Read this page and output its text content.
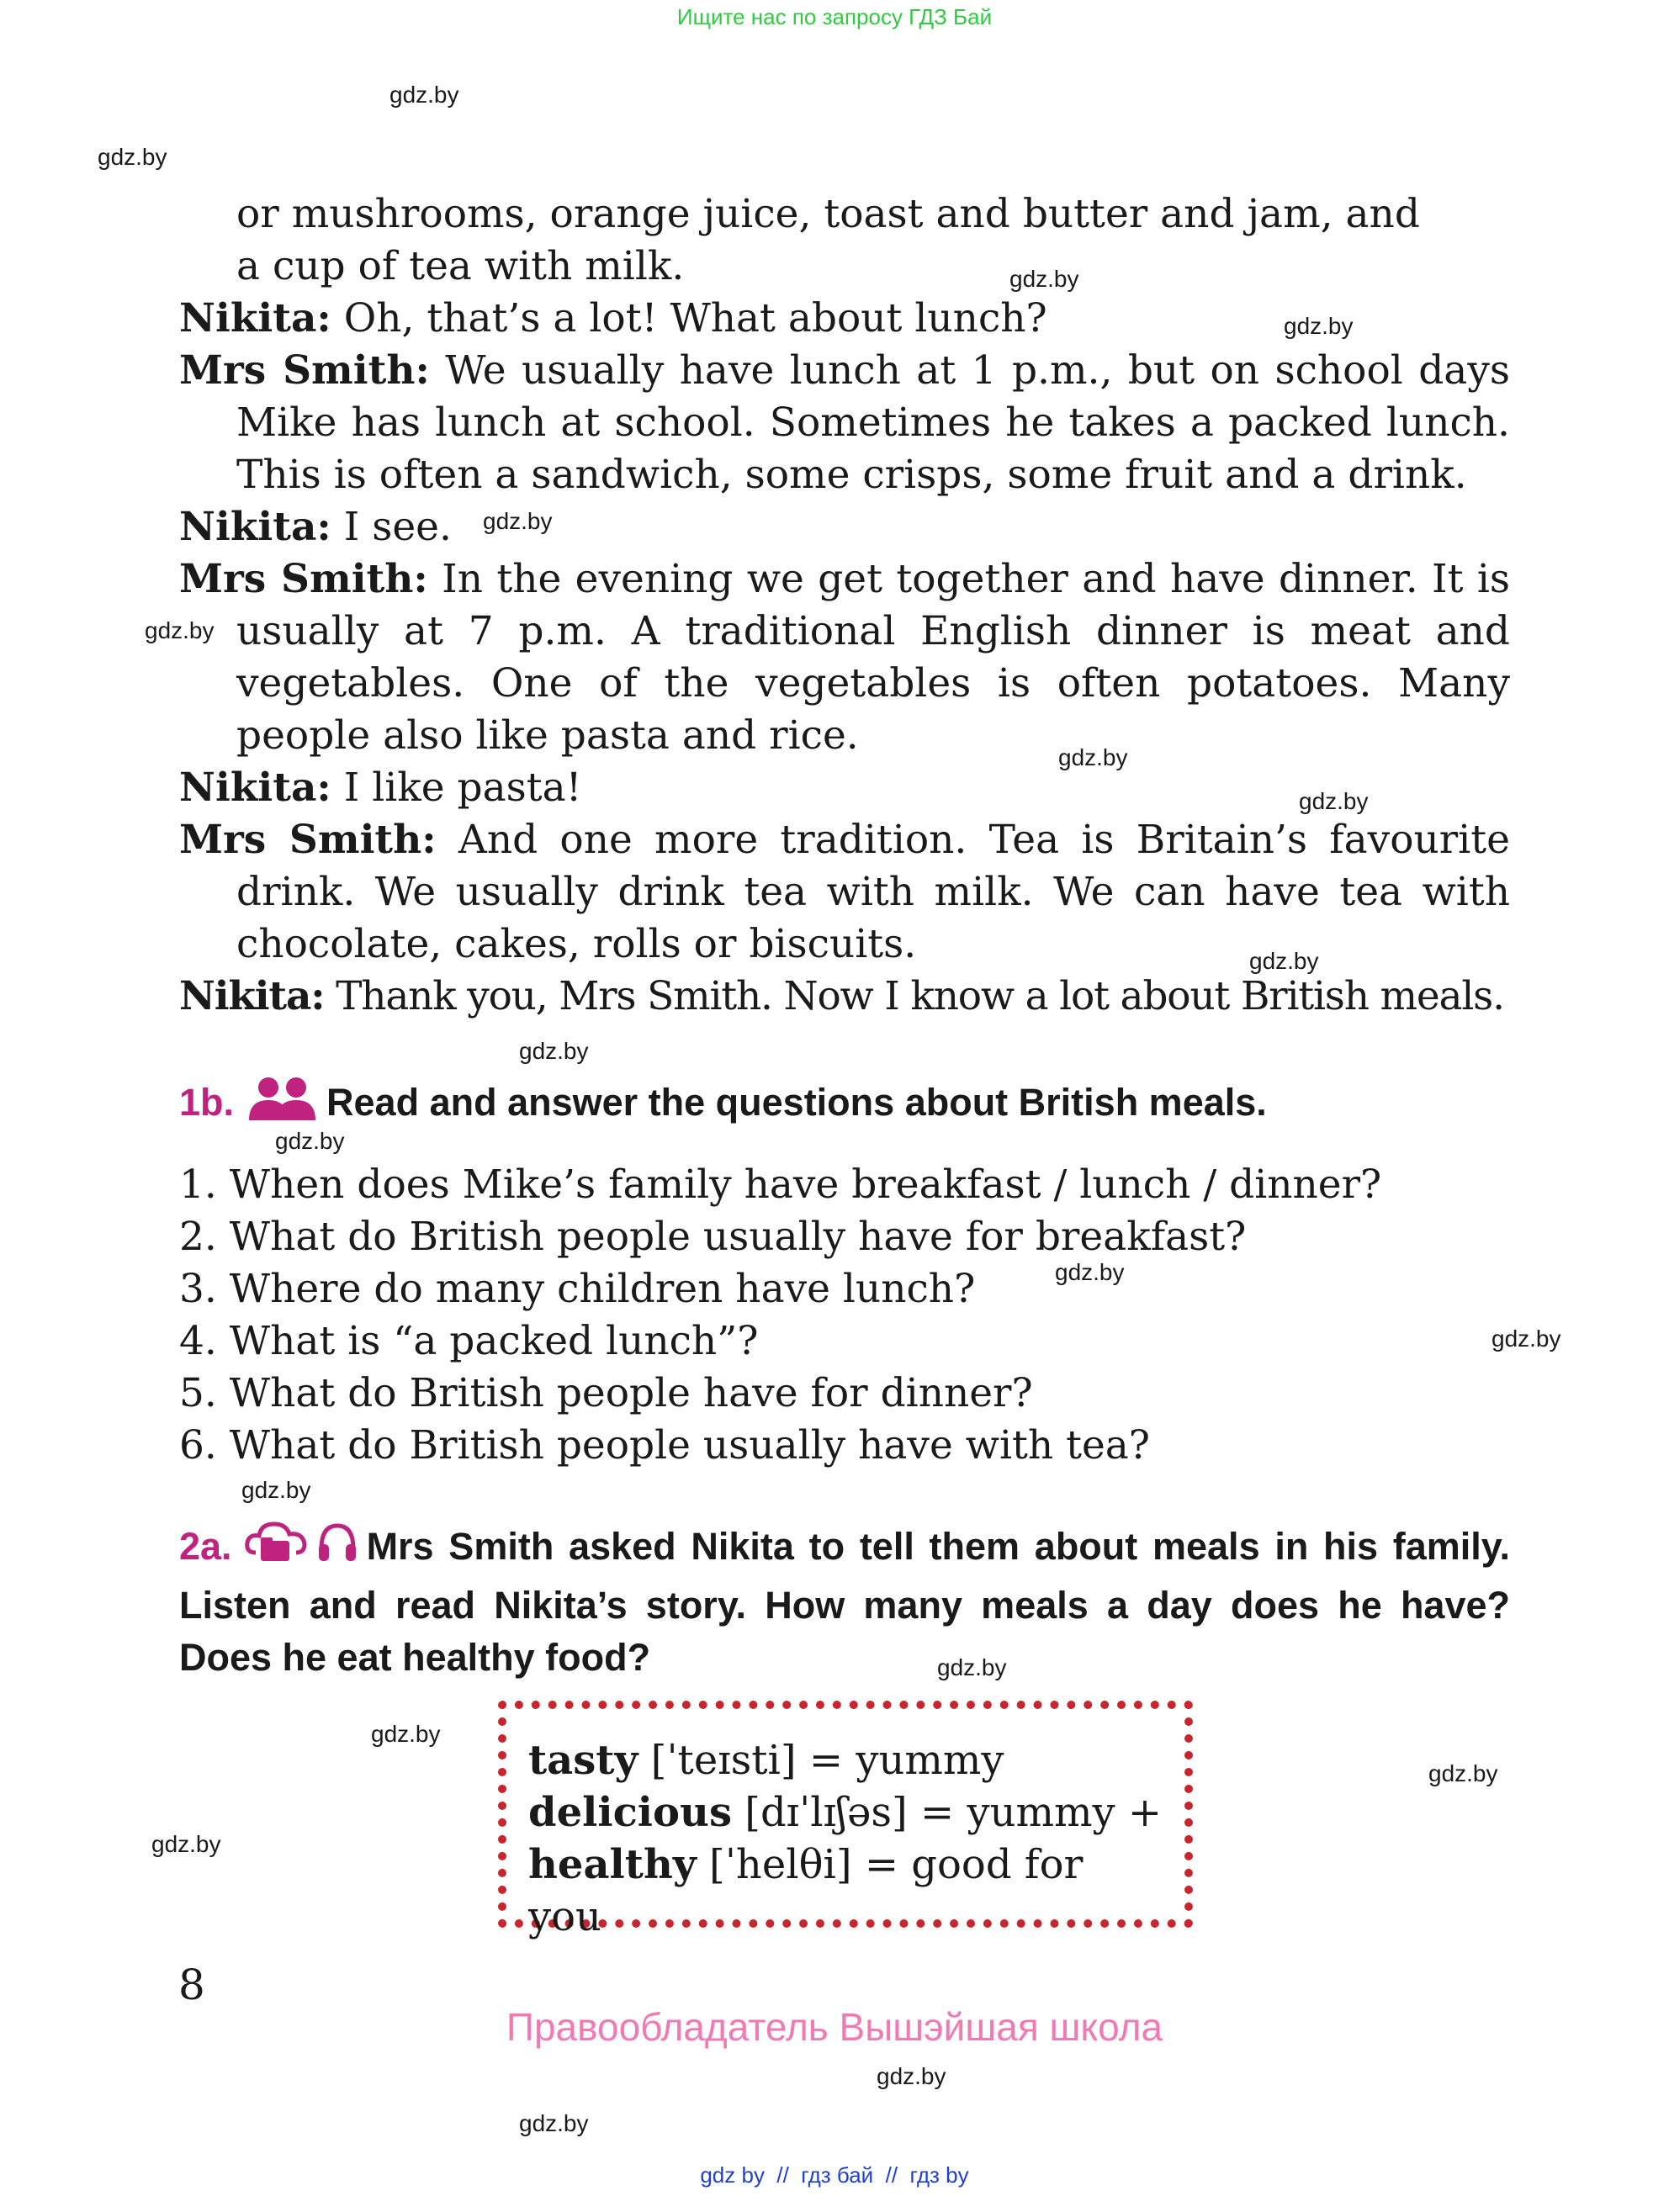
Ищите нас по запросу ГДЗ Бай
gdz.by
gdz.by
gdz.by
gdz.by
gdz.by
gdz.by
gdz.by
gdz.by
gdz.by
gdz.by
gdz.by
gdz.by
gdz.by
gdz.by
gdz.by
gdz.by
gdz.by
gdz.by
gdz.by
gdz.by
or mushrooms, orange juice, toast and butter and jam, and
a cup of tea with milk.
Nikita: Oh, that’s a lot! What about lunch?
Mrs Smith: We usually have lunch at 1 p.m., but on school days Mike has lunch at school. Sometimes he takes a packed lunch. This is often a sandwich, some crisps, some fruit and a drink.
Nikita: I see.
Mrs Smith: In the evening we get together and have dinner. It is usually at 7 p.m. A traditional English dinner is meat and vegetables. One of the vegetables is often potatoes. Many people also like pasta and rice.
Nikita: I like pasta!
Mrs Smith: And one more tradition. Tea is Britain’s favourite drink. We usually drink tea with milk. We can have tea with chocolate, cakes, rolls or biscuits.
Nikita: Thank you, Mrs Smith. Now I know a lot about British meals.
1b. Read and answer the questions about British meals.
1. When does Mike’s family have breakfast / lunch / dinner?
2. What do British people usually have for breakfast?
3. Where do many children have lunch?
4. What is “a packed lunch”?
5. What do British people have for dinner?
6. What do British people usually have with tea?
2a.	Mrs Smith asked Nikita to tell them about meals in his family. Listen and read Nikita’s story. How many meals a day does he have? Does he eat healthy food?
tasty [ˈteɪsti] = yummy
delicious [dɪˈlɪʃəs] = yummy +
healthy [ˈhelθi] = good for you
8
Правообладатель Вышэйшая школа
gdz by  //  гдз бай  //  гдз by
